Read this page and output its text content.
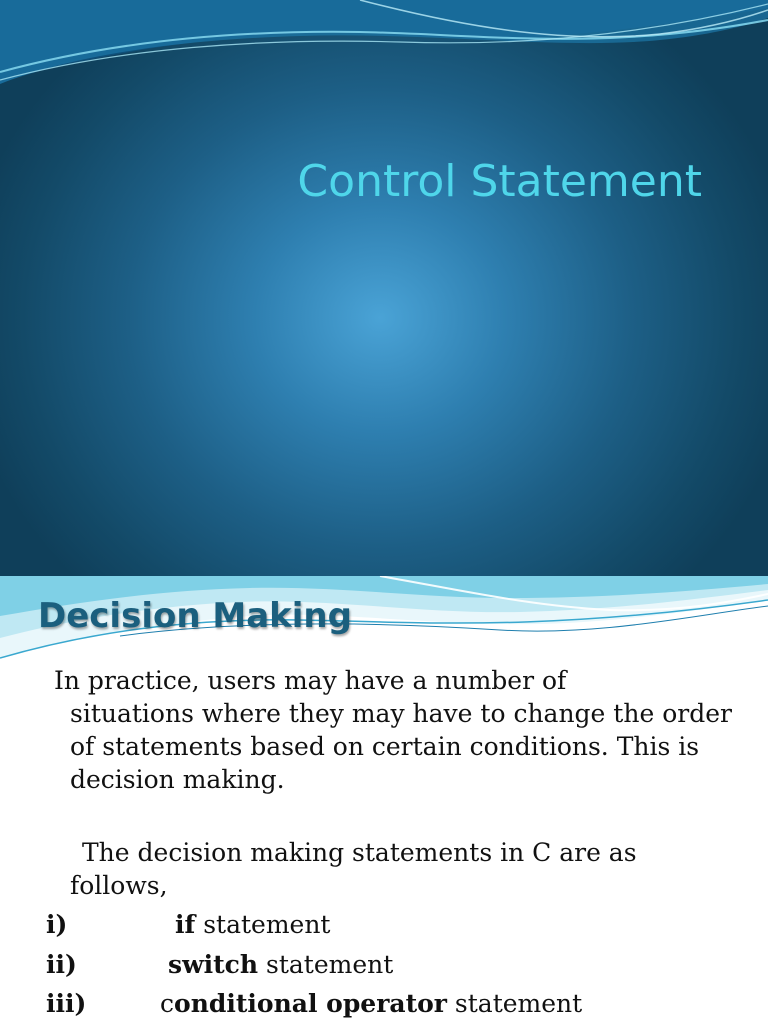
Control Statement
Decision Making

In practice, users may have a number of
situations where they may have to change the order of statements based on certain conditions. This is decision making.

The decision making statements in C are as
follows,

i)	if statement

ii)	switch statement

iii)	conditional operator statement
